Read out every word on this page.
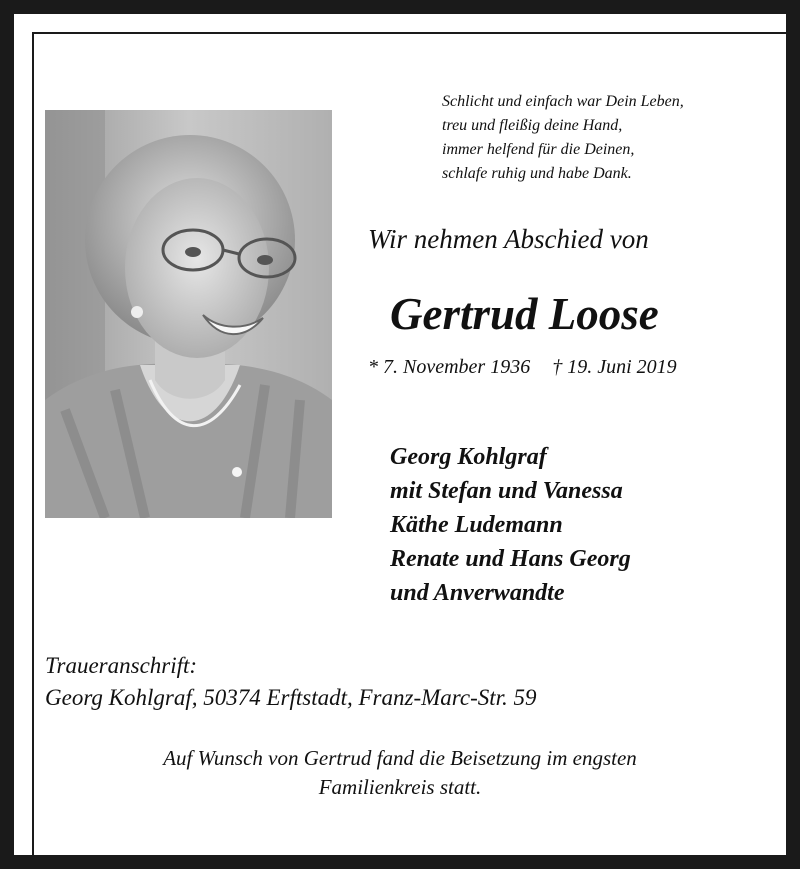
Schlicht und einfach war Dein Leben,
treu und fleißig deine Hand,
immer helfend für die Deinen,
schlafe ruhig und habe Dank.
Wir nehmen Abschied von
Gertrud Loose
* 7. November 1936 † 19. Juni 2019
Georg Kohlgraf
mit Stefan und Vanessa
Käthe Ludemann
Renate und Hans Georg
und Anverwandte
Traueranschrift:
Georg Kohlgraf, 50374 Erftstadt, Franz-Marc-Str. 59
Auf Wunsch von Gertrud fand die Beisetzung im engsten
Familienkreis statt.
